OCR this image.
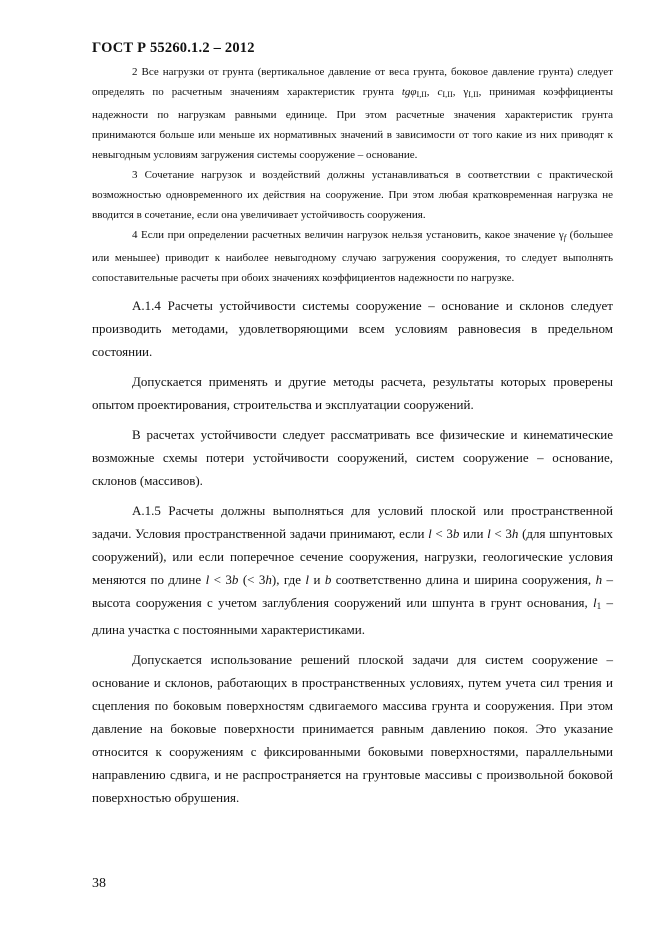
ГОСТ Р 55260.1.2 – 2012

2 Все нагрузки от грунта (вертикальное давление от веса грунта, боковое давление грунта) следует определять по расчетным значениям характеристик грунта tgφI,II, cI,II, γI,II, принимая коэффициенты надежности по нагрузкам равными единице. При этом расчетные значения характеристик грунта принимаются больше или меньше их нормативных значений в зависимости от того какие из них приводят к невыгодным условиям загружения системы сооружение – основание.

3 Сочетание нагрузок и воздействий должны устанавливаться в соответствии с практической возможностью одновременного их действия на сооружение. При этом любая кратковременная нагрузка не вводится в сочетание, если она увеличивает устойчивость сооружения.

4 Если при определении расчетных величин нагрузок нельзя установить, какое значение γf (большее или меньшее) приводит к наиболее невыгодному случаю загружения сооружения, то следует выполнять сопоставительные расчеты при обоих значениях коэффициентов надежности по нагрузке.

А.1.4 Расчеты устойчивости системы сооружение – основание и склонов следует производить методами, удовлетворяющими всем условиям равновесия в предельном состоянии.

Допускается применять и другие методы расчета, результаты которых проверены опытом проектирования, строительства и эксплуатации сооружений.

В расчетах устойчивости следует рассматривать все физические и кинематические возможные схемы потери устойчивости сооружений, систем сооружение – основание, склонов (массивов).

А.1.5 Расчеты должны выполняться для условий плоской или пространственной задачи. Условия пространственной задачи принимают, если l < 3b или l < 3h (для шпунтовых сооружений), или если поперечное сечение сооружения, нагрузки, геологические условия меняются по длине l < 3b (< 3h), где l и b соответственно длина и ширина сооружения, h – высота сооружения с учетом заглубления сооружений или шпунта в грунт основания, $l_1$ – длина участка с постоянными характеристиками.

Допускается использование решений плоской задачи для систем сооружение – основание и склонов, работающих в пространственных условиях, путем учета сил трения и сцепления по боковым поверхностям сдвигаемого массива грунта и сооружения. При этом давление на боковые поверхности принимается равным давлению покоя. Это указание относится к сооружениям с фиксированными боковыми поверхностями, параллельными направлению сдвига, и не распространяется на грунтовые массивы с произвольной боковой поверхностью обрушения.

38
